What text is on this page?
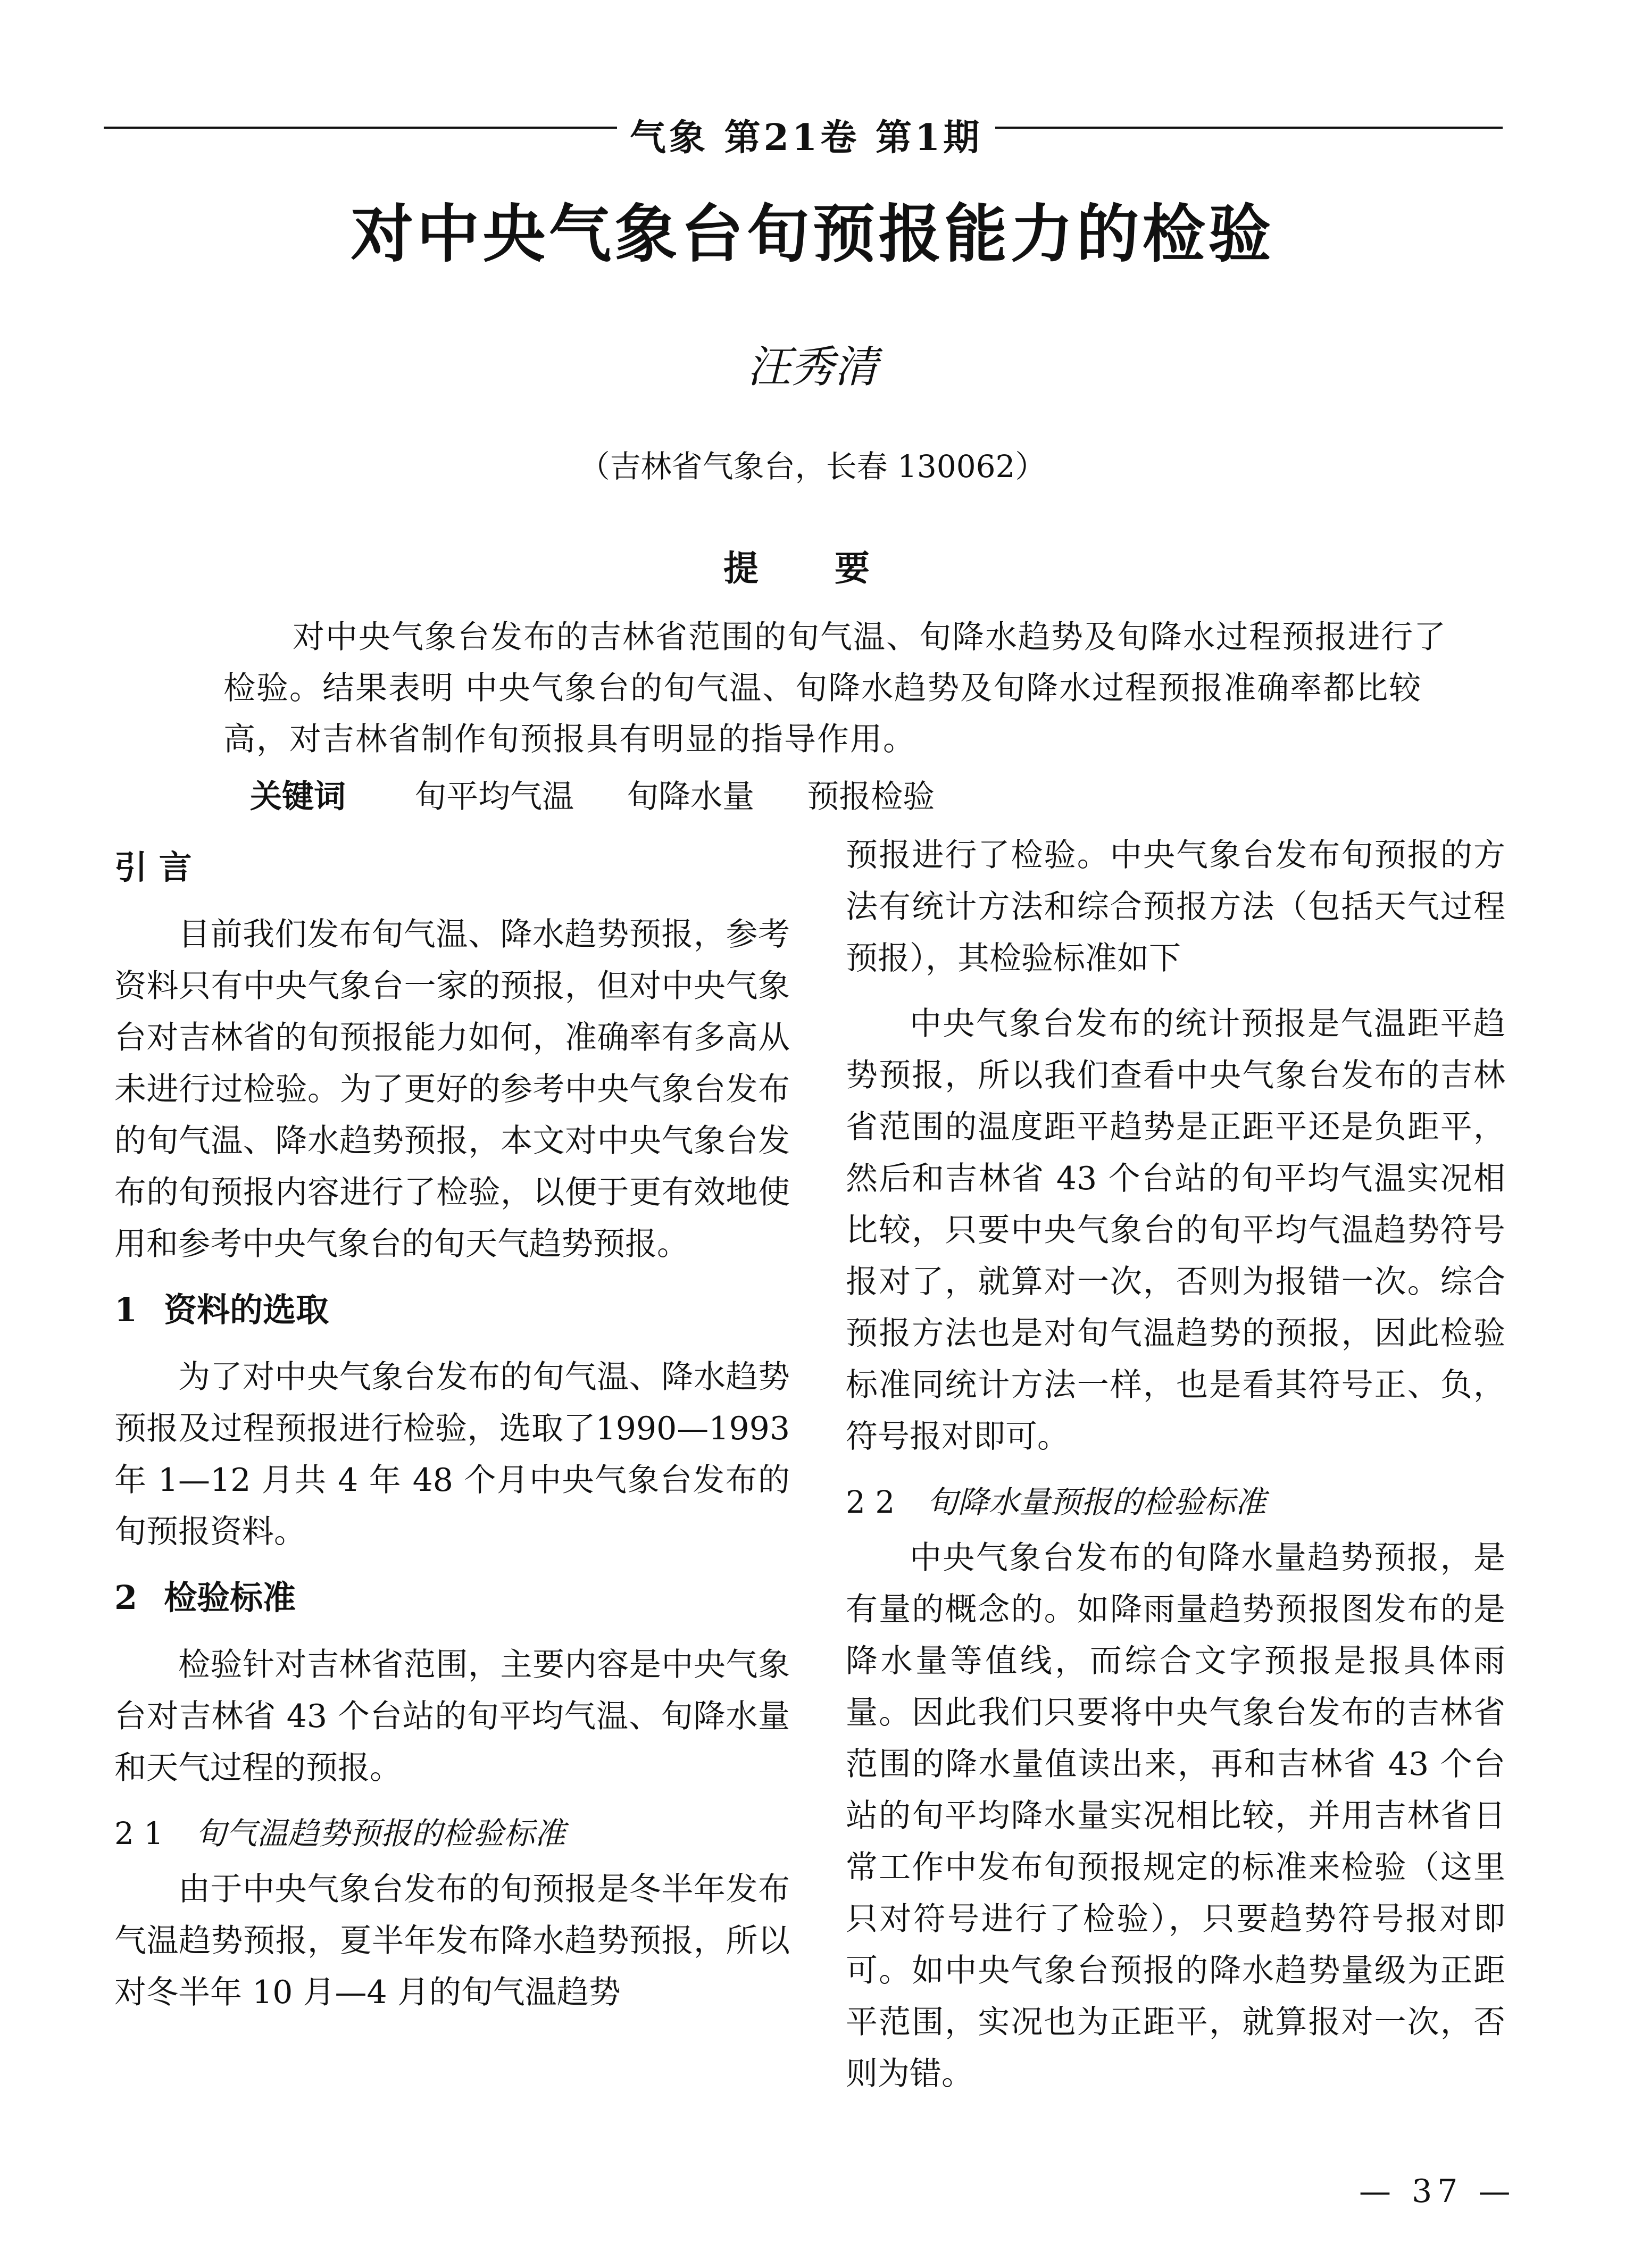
气象 第21卷 第1期
对中央气象台旬预报能力的检验
汪秀清
（吉林省气象台，长春 130062）
提 要
对中央气象台发布的吉林省范围的旬气温、旬降水趋势及旬降水过程预报进行了检验。结果表明 中央气象台的旬气温、旬降水趋势及旬降水过程预报准确率都比较高，对吉林省制作旬预报具有明显的指导作用。
关键词 旬平均气温 旬降水量 预报检验
引 言

目前我们发布旬气温、降水趋势预报，参考资料只有中央气象台一家的预报，但对中央气象台对吉林省的旬预报能力如何，准确率有多高从未进行过检验。为了更好的参考中央气象台发布的旬气温、降水趋势预报，本文对中央气象台发布的旬预报内容进行了检验，以便于更有效地使用和参考中央气象台的旬天气趋势预报。

1 资料的选取

为了对中央气象台发布的旬气温、降水趋势预报及过程预报进行检验，选取了1990—1993 年 1—12 月共 4 年 48 个月中央气象台发布的旬预报资料。

2 检验标准

检验针对吉林省范围，主要内容是中央气象台对吉林省 43 个台站的旬平均气温、旬降水量和天气过程的预报。

2 1 旬气温趋势预报的检验标准

由于中央气象台发布的旬预报是冬半年发布气温趋势预报，夏半年发布降水趋势预报，所以对冬半年 10 月—4 月的旬气温趋势

预报进行了检验。中央气象台发布旬预报的方法有统计方法和综合预报方法（包括天气过程预报），其检验标准如下

中央气象台发布的统计预报是气温距平趋势预报，所以我们查看中央气象台发布的吉林省范围的温度距平趋势是正距平还是负距平，然后和吉林省 43 个台站的旬平均气温实况相比较，只要中央气象台的旬平均气温趋势符号报对了，就算对一次，否则为报错一次。综合预报方法也是对旬气温趋势的预报，因此检验标准同统计方法一样，也是看其符号正、负，符号报对即可。

2 2 旬降水量预报的检验标准

中央气象台发布的旬降水量趋势预报，是有量的概念的。如降雨量趋势预报图发布的是降水量等值线，而综合文字预报是报具体雨量。因此我们只要将中央气象台发布的吉林省范围的降水量值读出来，再和吉林省 43 个台站的旬平均降水量实况相比较，并用吉林省日常工作中发布旬预报规定的标准来检验（这里只对符号进行了检验），只要趋势符号报对即可。如中央气象台预报的降水趋势量级为正距平范围，实况也为正距平，就算报对一次，否则为错。

— 37 —
